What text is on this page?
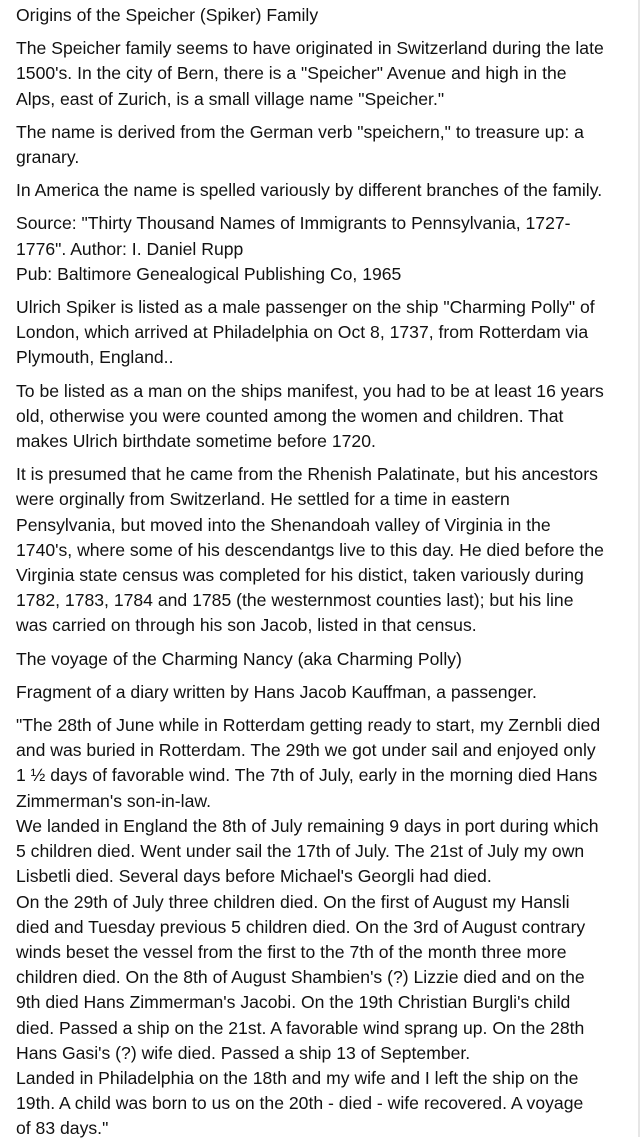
Origins of the Speicher (Spiker) Family
The Speicher family seems to have originated in Switzerland during the late
1500's. In the city of Bern, there is a "Speicher" Avenue and high in the
Alps, east of Zurich, is a small village name "Speicher."
The name is derived from the German verb "speichern," to treasure up: a
granary.
In America the name is spelled variously by different branches of the family.
Source: "Thirty Thousand Names of Immigrants to Pennsylvania, 1727-
1776". Author: I. Daniel Rupp
Pub: Baltimore Genealogical Publishing Co, 1965
Ulrich Spiker is listed as a male passenger on the ship "Charming Polly" of
London, which arrived at Philadelphia on Oct 8, 1737, from Rotterdam via
Plymouth, England..
To be listed as a man on the ships manifest, you had to be at least 16 years
old, otherwise you were counted among the women and children. That
makes Ulrich birthdate sometime before 1720.
It is presumed that he came from the Rhenish Palatinate, but his ancestors
were orginally from Switzerland. He settled for a time in eastern
Pensylvania, but moved into the Shenandoah valley of Virginia in the
1740's, where some of his descendantgs live to this day. He died before the
Virginia state census was completed for his distict, taken variously during
1782, 1783, 1784 and 1785 (the westernmost counties last); but his line
was carried on through his son Jacob, listed in that census.
The voyage of the Charming Nancy (aka Charming Polly)
Fragment of a diary written by Hans Jacob Kauffman, a passenger.
"The 28th of June while in Rotterdam getting ready to start, my Zernbli died
and was buried in Rotterdam. The 29th we got under sail and enjoyed only
1 ½ days of favorable wind. The 7th of July, early in the morning died Hans
Zimmerman's son-in-law.
We landed in England the 8th of July remaining 9 days in port during which
5 children died. Went under sail the 17th of July. The 21st of July my own
Lisbetli died. Several days before Michael's Georgli had died.
On the 29th of July three children died. On the first of August my Hansli
died and Tuesday previous 5 children died. On the 3rd of August contrary
winds beset the vessel from the first to the 7th of the month three more
children died. On the 8th of August Shambien's (?) Lizzie died and on the
9th died Hans Zimmerman's Jacobi. On the 19th Christian Burgli's child
died. Passed a ship on the 21st. A favorable wind sprang up. On the 28th
Hans Gasi's (?) wife died. Passed a ship 13 of September.
Landed in Philadelphia on the 18th and my wife and I left the ship on the
19th. A child was born to us on the 20th - died - wife recovered. A voyage
of 83 days."
